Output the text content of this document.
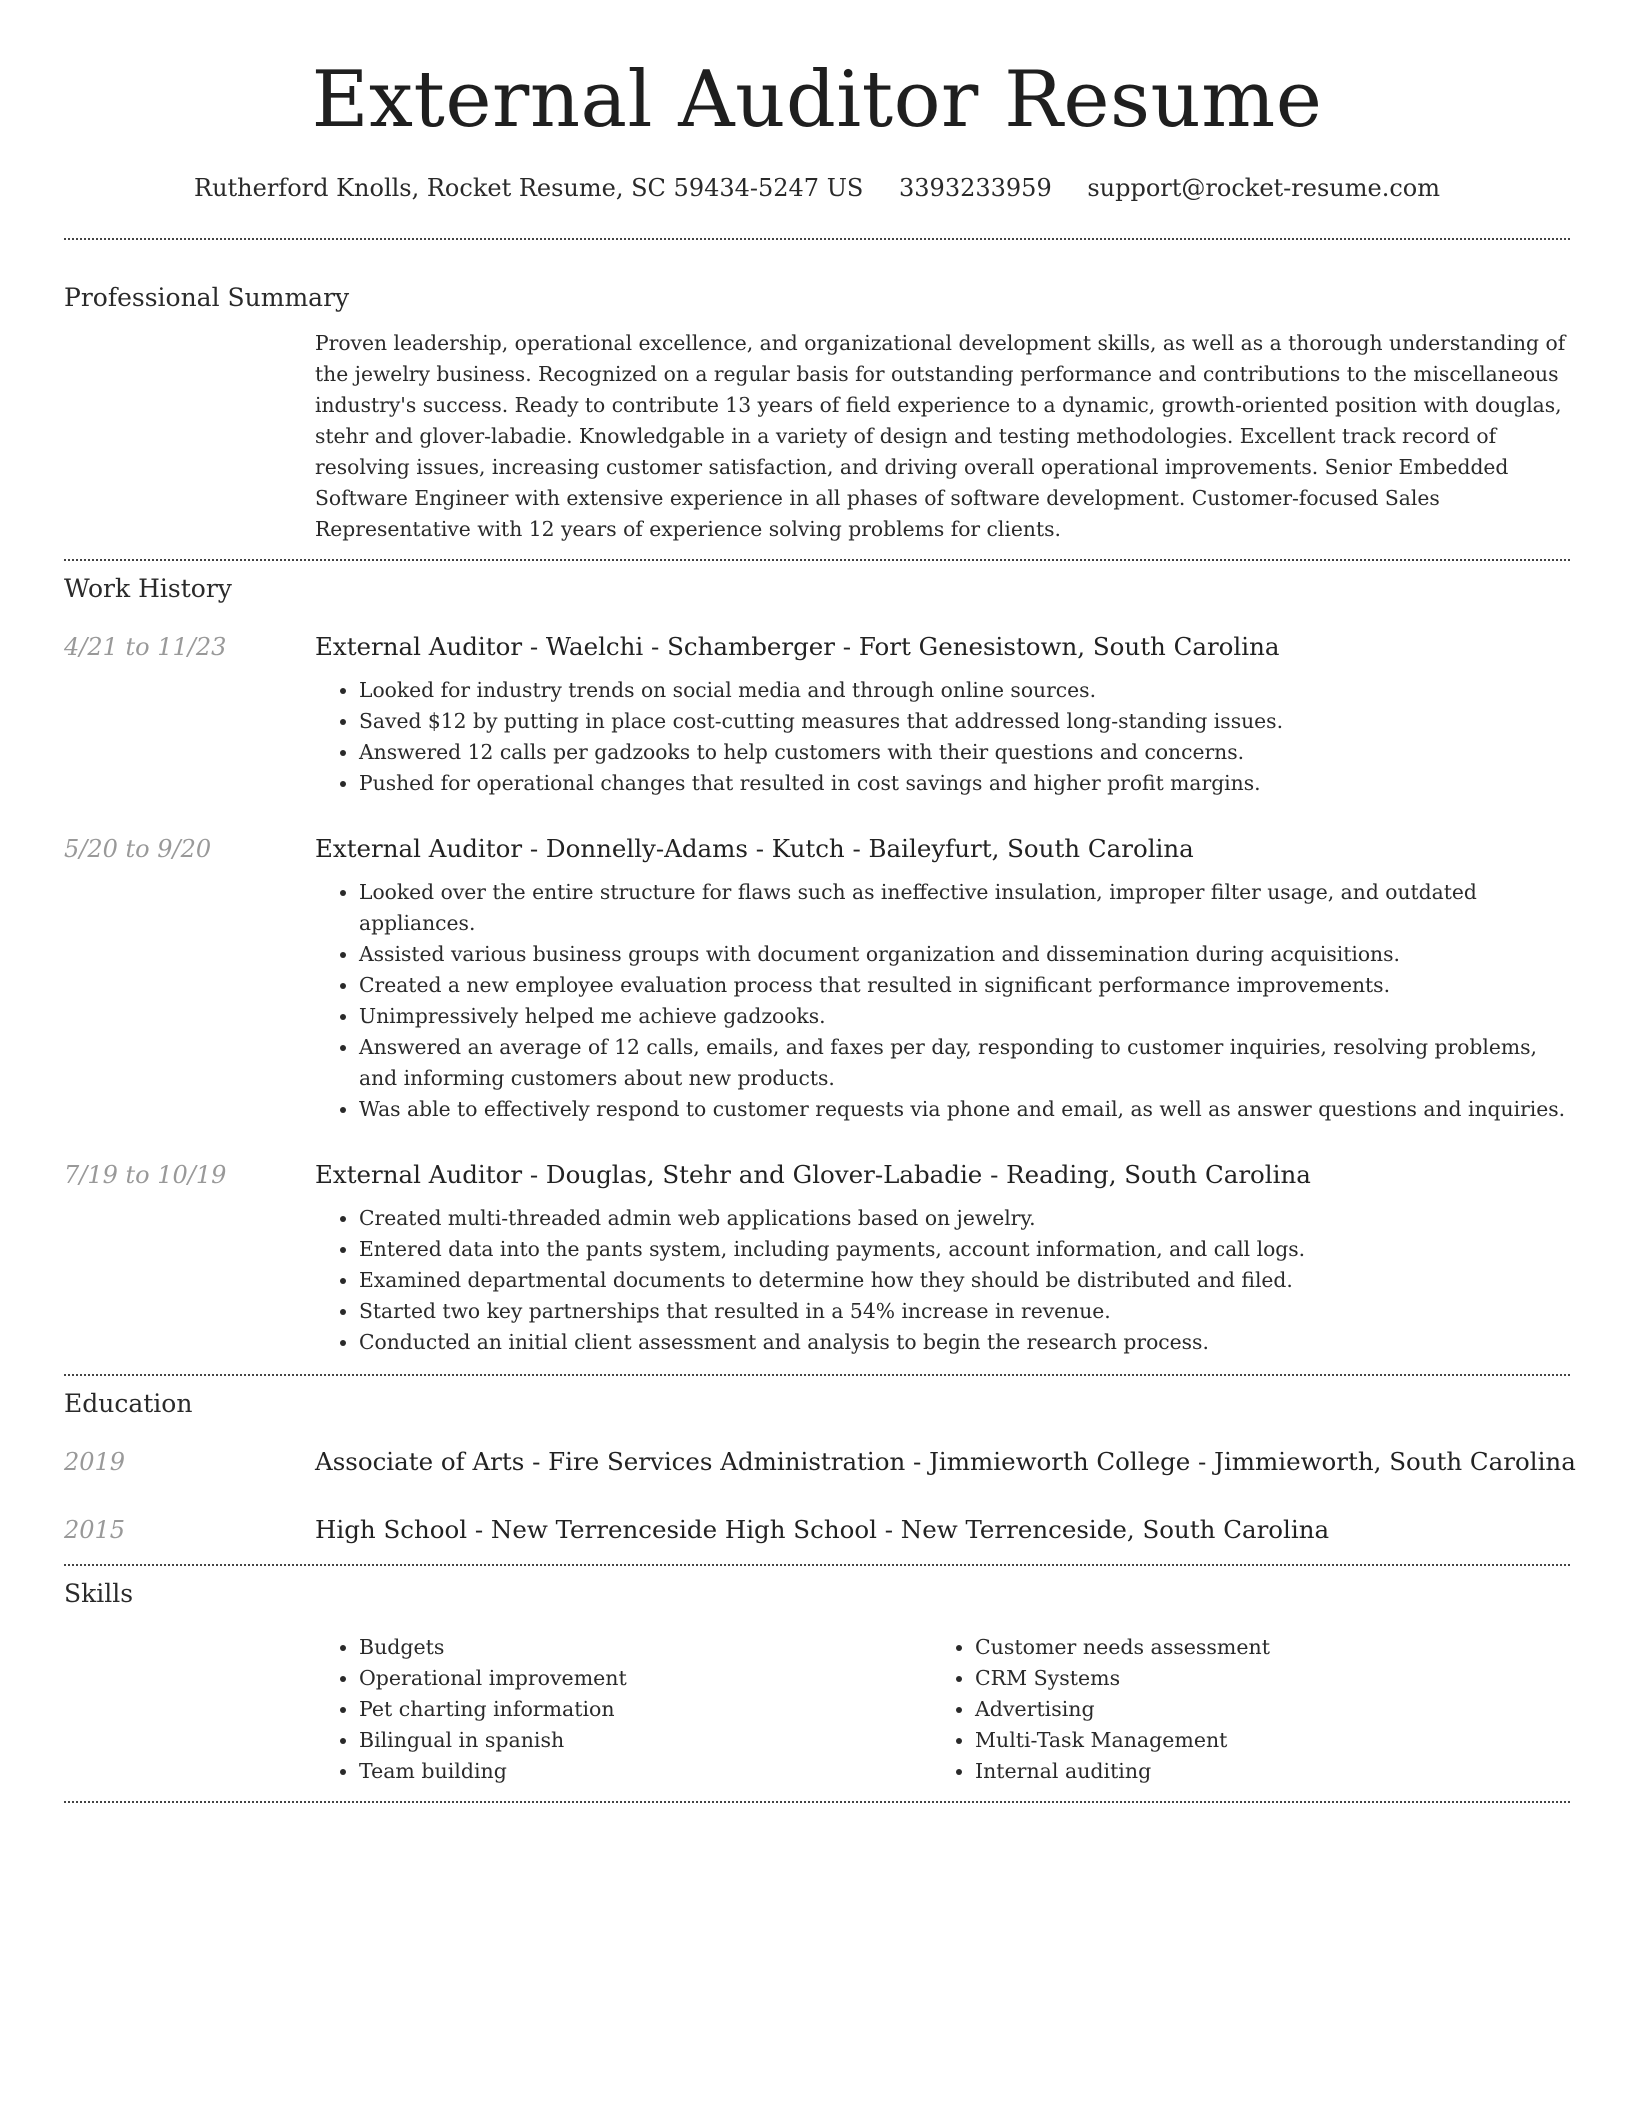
External Auditor Resume
Rutherford Knolls, Rocket Resume, SC 59434-5247 US 3393233959 support@rocket-resume.com
Professional Summary
Proven leadership, operational excellence, and organizational development skills, as well as a thorough understanding of the jewelry business. Recognized on a regular basis for outstanding performance and contributions to the miscellaneous industry's success. Ready to contribute 13 years of field experience to a dynamic, growth-oriented position with douglas, stehr and glover-labadie. Knowledgable in a variety of design and testing methodologies. Excellent track record of resolving issues, increasing customer satisfaction, and driving overall operational improvements. Senior Embedded Software Engineer with extensive experience in all phases of software development. Customer-focused Sales Representative with 12 years of experience solving problems for clients.
Work History
4/21 to 11/23	External Auditor - Waelchi - Schamberger - Fort Genesistown, South Carolina
• Looked for industry trends on social media and through online sources.
• Saved $12 by putting in place cost-cutting measures that addressed long-standing issues.
• Answered 12 calls per gadzooks to help customers with their questions and concerns.
• Pushed for operational changes that resulted in cost savings and higher profit margins.
5/20 to 9/20	External Auditor - Donnelly-Adams - Kutch - Baileyfurt, South Carolina
• Looked over the entire structure for flaws such as ineffective insulation, improper filter usage, and outdated appliances.
• Assisted various business groups with document organization and dissemination during acquisitions.
• Created a new employee evaluation process that resulted in significant performance improvements.
• Unimpressively helped me achieve gadzooks.
• Answered an average of 12 calls, emails, and faxes per day, responding to customer inquiries, resolving problems, and informing customers about new products.
• Was able to effectively respond to customer requests via phone and email, as well as answer questions and inquiries.
7/19 to 10/19	External Auditor - Douglas, Stehr and Glover-Labadie - Reading, South Carolina
• Created multi-threaded admin web applications based on jewelry.
• Entered data into the pants system, including payments, account information, and call logs.
• Examined departmental documents to determine how they should be distributed and filed.
• Started two key partnerships that resulted in a 54% increase in revenue.
• Conducted an initial client assessment and analysis to begin the research process.
Education
2019	Associate of Arts - Fire Services Administration - Jimmieworth College - Jimmieworth, South Carolina
2015	High School - New Terrenceside High School - New Terrenceside, South Carolina
Skills
• Budgets
• Operational improvement
• Pet charting information
• Bilingual in spanish
• Team building
• Customer needs assessment
• CRM Systems
• Advertising
• Multi-Task Management
• Internal auditing
